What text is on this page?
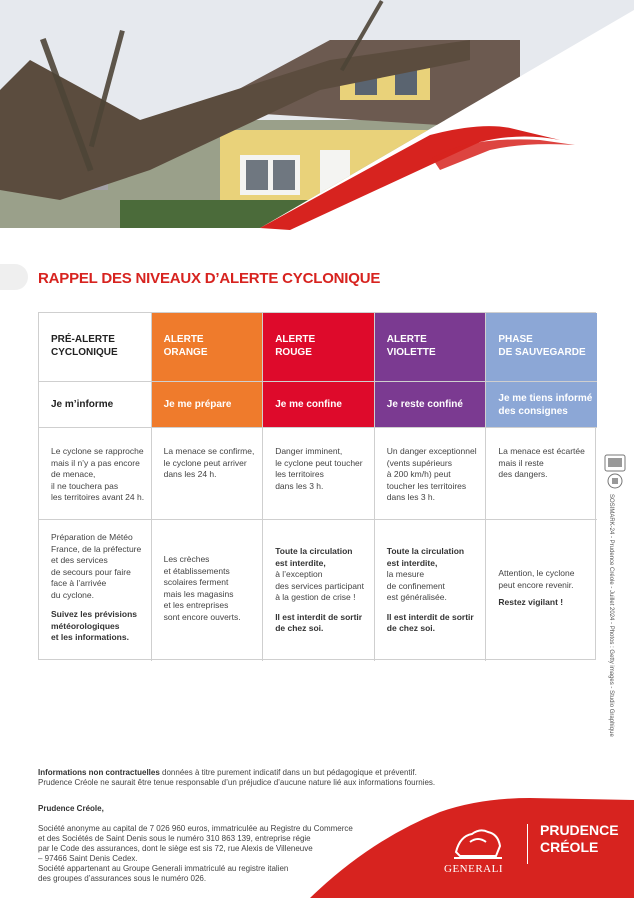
RAPPEL DES NIVEAUX D’ALERTE CYCLONIQUE
PRÉ-ALERTE
CYCLONIQUE
Je m’informe
Le cyclone se rapproche
mais il n’y a pas encore
de menace,
il ne touchera pas
les territoires avant 24 h.
Préparation de Météo
France, de la préfecture
et des services
de secours pour faire
face à l’arrivée
du cyclone.
Suivez les prévisions
météorologiques
et les informations.
ALERTE
ORANGE
Je me prépare
La menace se confirme,
le cyclone peut arriver
dans les 24 h.
Les crèches
et établissements
scolaires ferment
mais les magasins
et les entreprises
sont encore ouverts.
ALERTE
ROUGE
Je me confine
Danger imminent,
le cyclone peut toucher
les territoires
dans les 3 h.
Toute la circulation
est interdite,
à l’exception
des services participant
à la gestion de crise !
Il est interdit de sortir
de chez soi.
ALERTE
VIOLETTE
Je reste confiné
Un danger exceptionnel
(vents supérieurs
à 200 km/h) peut
toucher les territoires
dans les 3 h.
Toute la circulation
est interdite,
la mesure
de confinement
est généralisée.
Il est interdit de sortir
de chez soi.
PHASE
DE SAUVEGARDE
Je me tiens informé
des consignes
La menace est écartée
mais il reste
des dangers.
Attention, le cyclone
peut encore revenir.
Restez vigilant !	SOSIMARK-24 - Prudence Créole - Juillet 2024 - Photos : Getty images - Studio Graphique
Informations non contractuelles données à titre purement indicatif dans un but pédagogique et préventif.
Prudence Créole ne saurait être tenue responsable d’un préjudice d’aucune nature lié aux informations fournies.

Prudence Créole,

Société anonyme au capital de 7 026 960 euros, immatriculée au Registre du Commerce
et des Sociétés de Saint Denis sous le numéro 310 863 139, entreprise régie
par le Code des assurances, dont le siège est sis 72, rue Alexis de Villeneuve
– 97466 Saint Denis Cedex.
Société appartenant au Groupe Generali immatriculé au registre italien
des groupes d’assurances sous le numéro 026.

GENERALI
PRUDENCE
CRÉOLE
